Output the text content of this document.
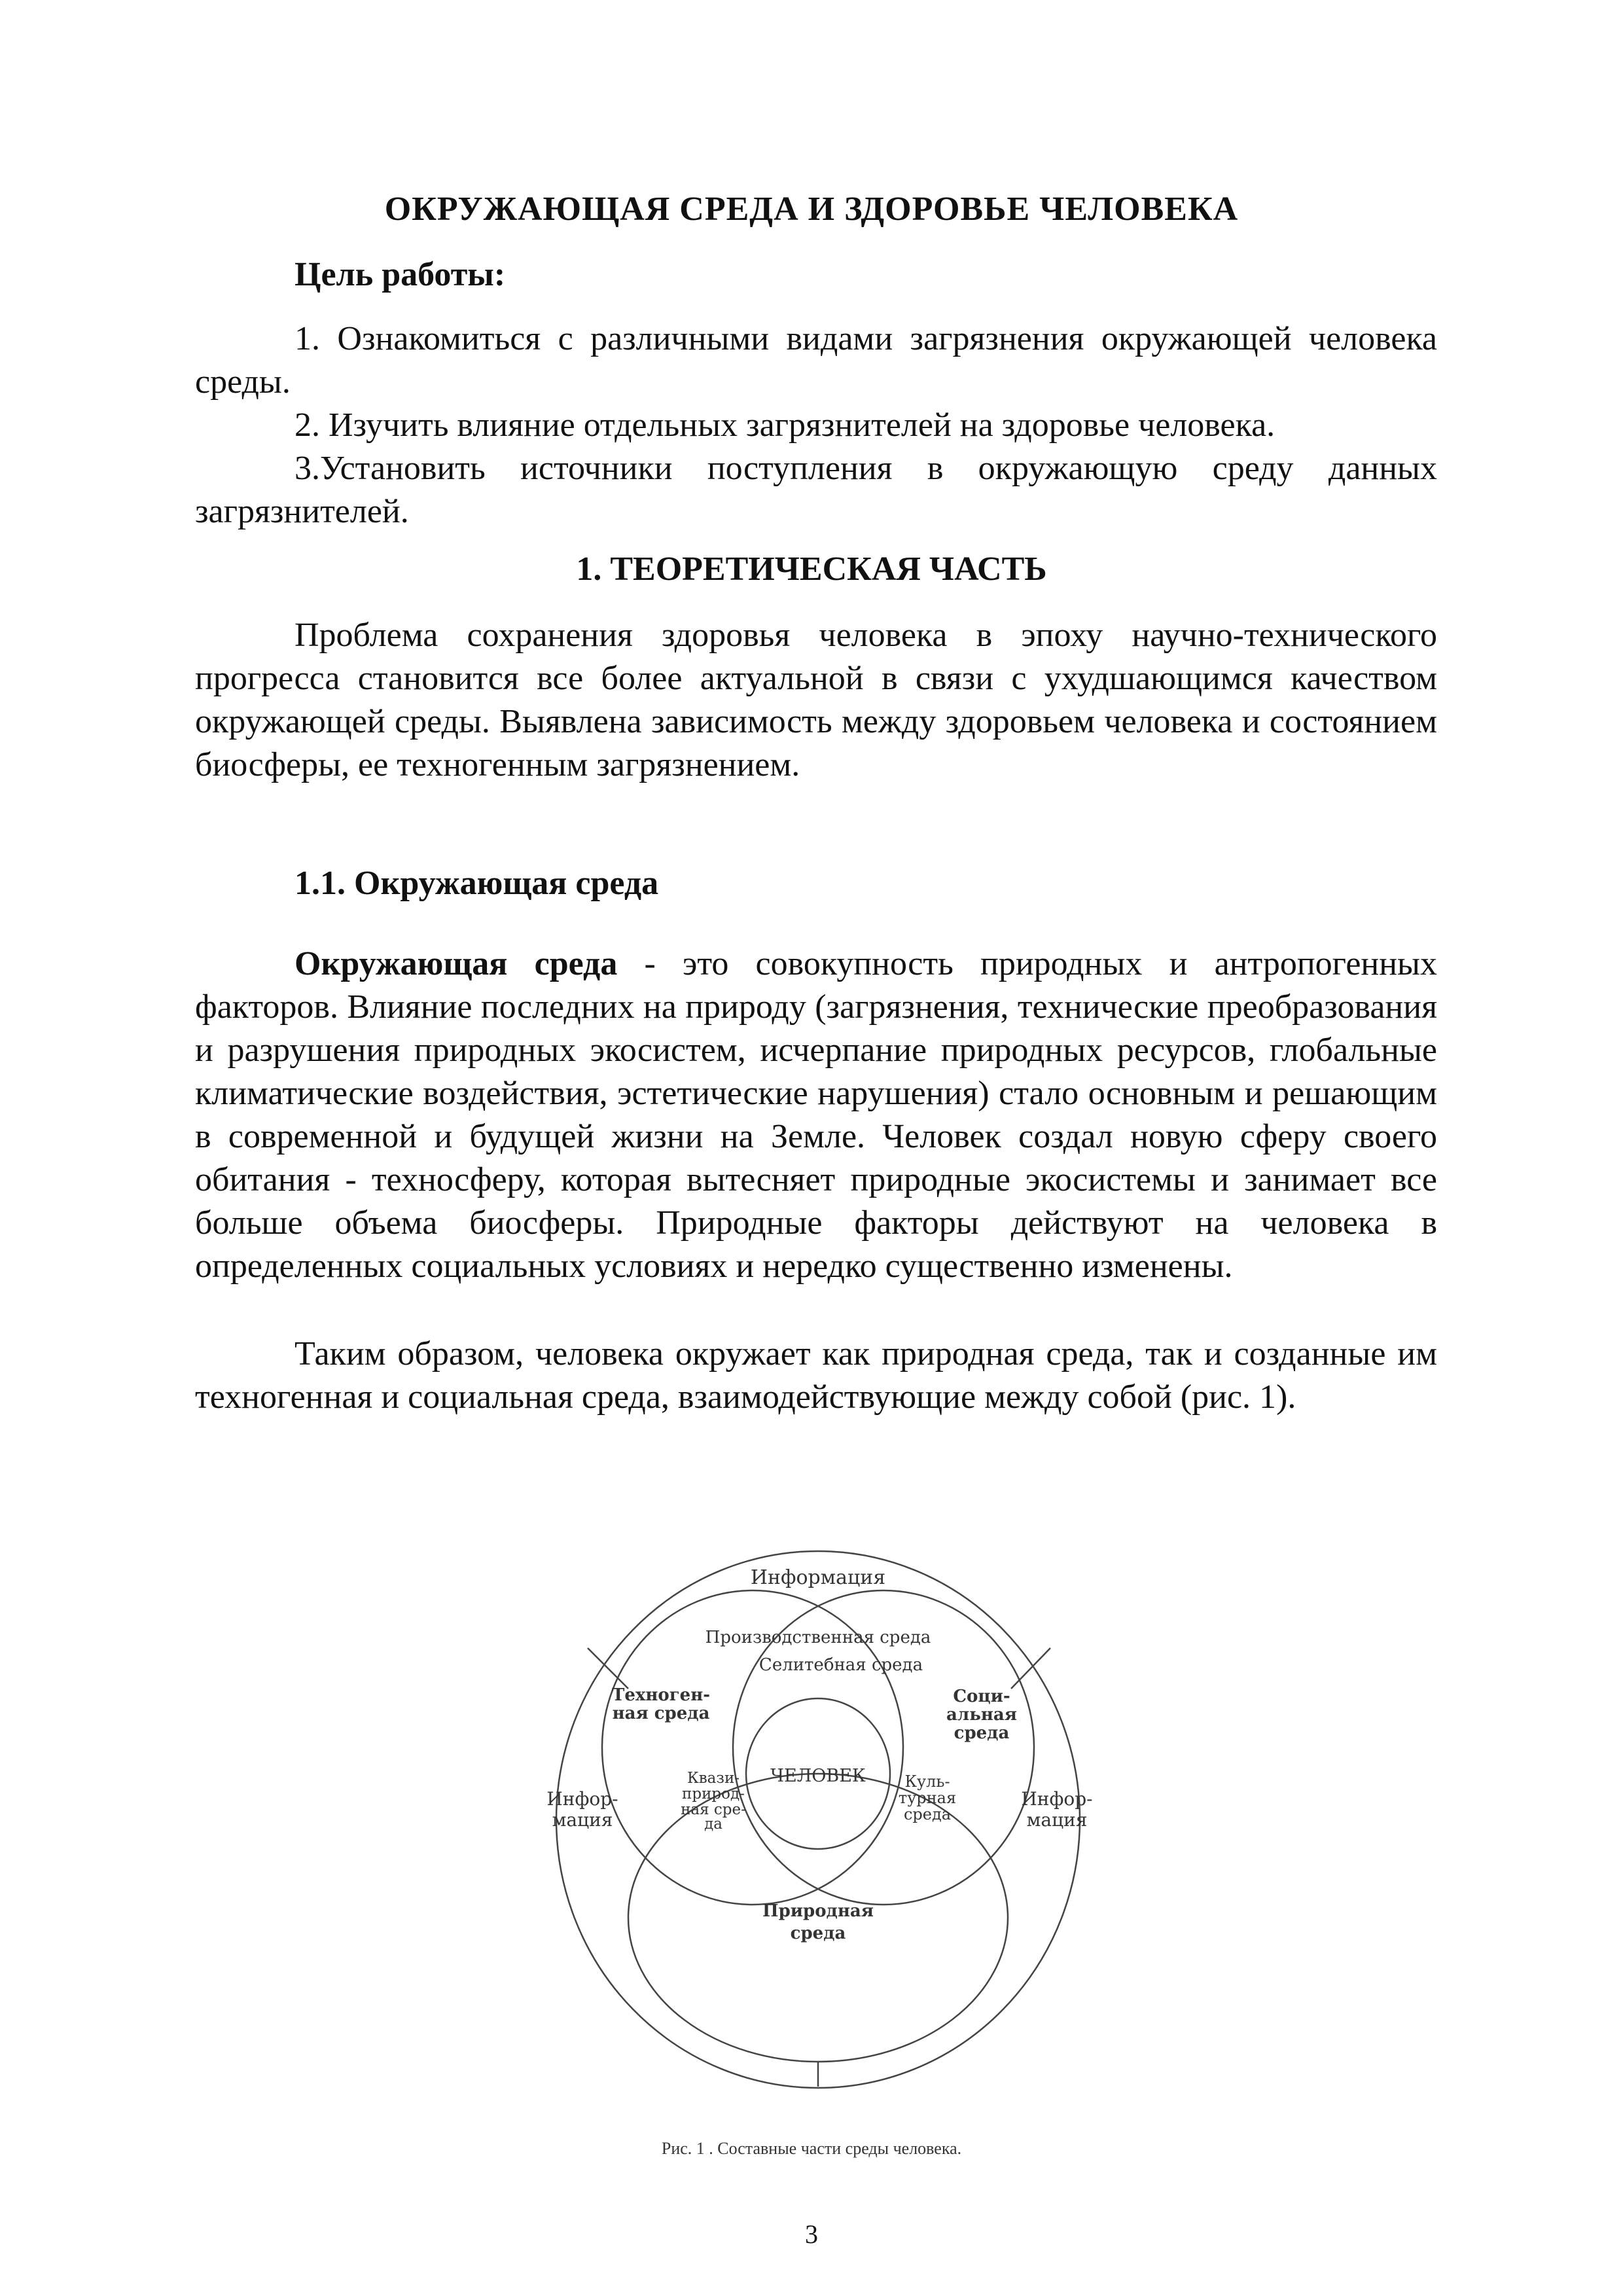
ОКРУЖАЮЩАЯ СРЕДА И ЗДОРОВЬЕ ЧЕЛОВЕКА
Цель работы:
1. Ознакомиться с различными видами загрязнения окружающей человека среды.
2. Изучить влияние отдельных загрязнителей на здоровье человека.
3.Установить источники поступления в окружающую среду данных загрязнителей.
1. ТЕОРЕТИЧЕСКАЯ ЧАСТЬ
Проблема сохранения здоровья человека в эпоху научно-технического прогресса становится все более актуальной в связи с ухудшающимся качеством окружающей среды. Выявлена зависимость между здоровьем человека и состоянием биосферы, ее техногенным загрязнением.
1.1. Окружающая среда
Окружающая среда - это совокупность природных и антропогенных факторов. Влияние последних на природу (загрязнения, технические преобразования и разрушения природных экосистем, исчерпание природных ресурсов, глобальные климатические воздействия, эстетические нарушения) стало основным и решающим в современной и будущей жизни на Земле. Человек создал новую сферу своего обитания - техносферу, которая вытесняет природные экосистемы и занимает все больше объема биосферы. Природные факторы действуют на человека в определенных социальных условиях и нередко существенно изменены.
Таким образом, человека окружает как природная среда, так и созданные им техногенная и социальная среда, взаимодействующие между собой (рис. 1).
Информация
Инфор-
мация
Инфор-
мация
Производственная среда
Селитебная среда
Техноген-
ная среда
Соци-
альная
среда
ЧЕЛОВЕК
Квази-
природ-
ная сре-
да
Куль-
турная
среда
Природная
среда
Рис. 1 . Составные части среды человека.
3
